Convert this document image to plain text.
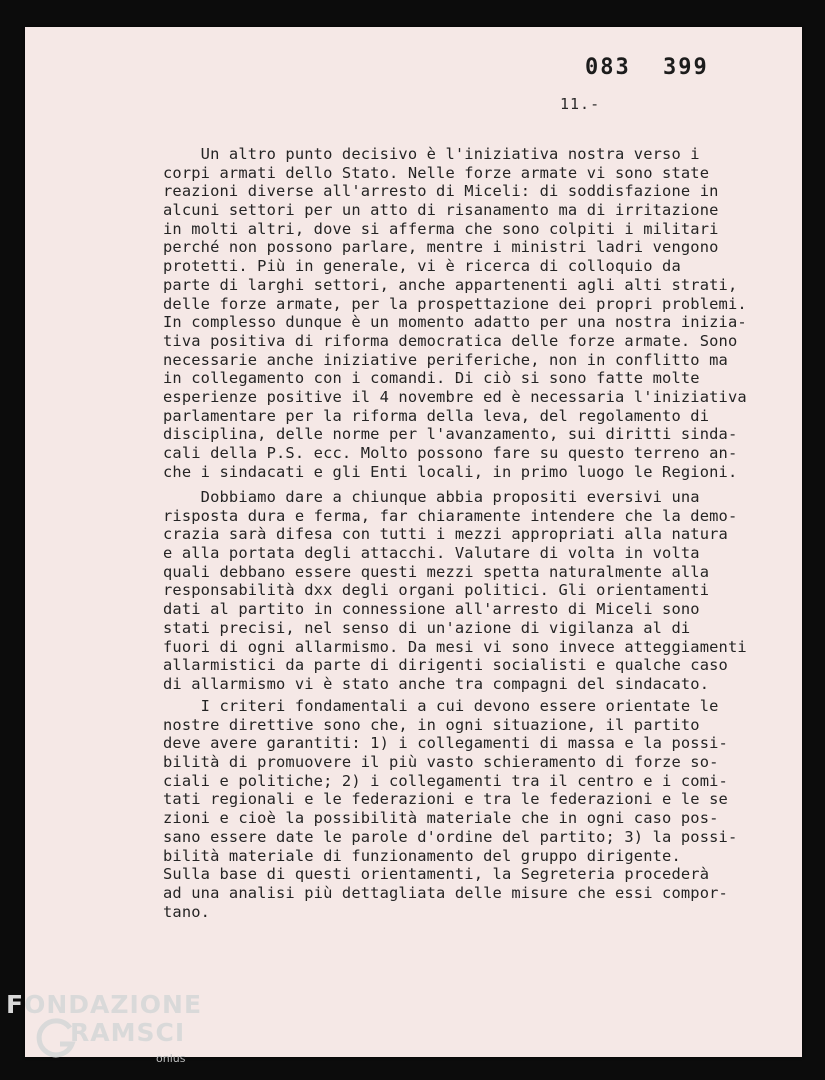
083 399
11.-
Un altro punto decisivo è l'iniziativa nostra verso i
corpi armati dello Stato. Nelle forze armate vi sono state
reazioni diverse all'arresto di Miceli: di soddisfazione in
alcuni settori per un atto di risanamento ma di irritazione
in molti altri, dove si afferma che sono colpiti i militari
perché non possono parlare, mentre i ministri ladri vengono
protetti. Più in generale, vi è ricerca di colloquio da
parte di larghi settori, anche appartenenti agli alti strati,
delle forze armate, per la prospettazione dei propri problemi.
In complesso dunque è un momento adatto per una nostra inizia-
tiva positiva di riforma democratica delle forze armate. Sono
necessarie anche iniziative periferiche, non in conflitto ma
in collegamento con i comandi. Di ciò si sono fatte molte
esperienze positive il 4 novembre ed è necessaria l'iniziativa
parlamentare per la riforma della leva, del regolamento di
disciplina, delle norme per l'avanzamento, sui diritti sinda-
cali della P.S. ecc. Molto possono fare su questo terreno an-
che i sindacati e gli Enti locali, in primo luogo le Regioni.
Dobbiamo dare a chiunque abbia propositi eversivi una
risposta dura e ferma, far chiaramente intendere che la demo-
crazia sarà difesa con tutti i mezzi appropriati alla natura
e alla portata degli attacchi. Valutare di volta in volta
quali debbano essere questi mezzi spetta naturalmente alla
responsabilità dxx degli organi politici. Gli orientamenti
dati al partito in connessione all'arresto di Miceli sono
stati precisi, nel senso di un'azione di vigilanza al di
fuori di ogni allarmismo. Da mesi vi sono invece atteggiamenti
allarmistici da parte di dirigenti socialisti e qualche caso
di allarmismo vi è stato anche tra compagni del sindacato.
I criteri fondamentali a cui devono essere orientate le
nostre direttive sono che, in ogni situazione, il partito
deve avere garantiti: 1) i collegamenti di massa e la possi-
bilità di promuovere il più vasto schieramento di forze so-
ciali e politiche; 2) i collegamenti tra il centro e i comi-
tati regionali e le federazioni e tra le federazioni e le se
zioni e cioè la possibilità materiale che in ogni caso pos-
sano essere date le parole d'ordine del partito; 3) la possi-
bilità materiale di funzionamento del gruppo dirigente.
Sulla base di questi orientamenti, la Segreteria procederà
ad una analisi più dettagliata delle misure che essi compor-
tano.
FONDAZIONE
RAMSCI
onlus
